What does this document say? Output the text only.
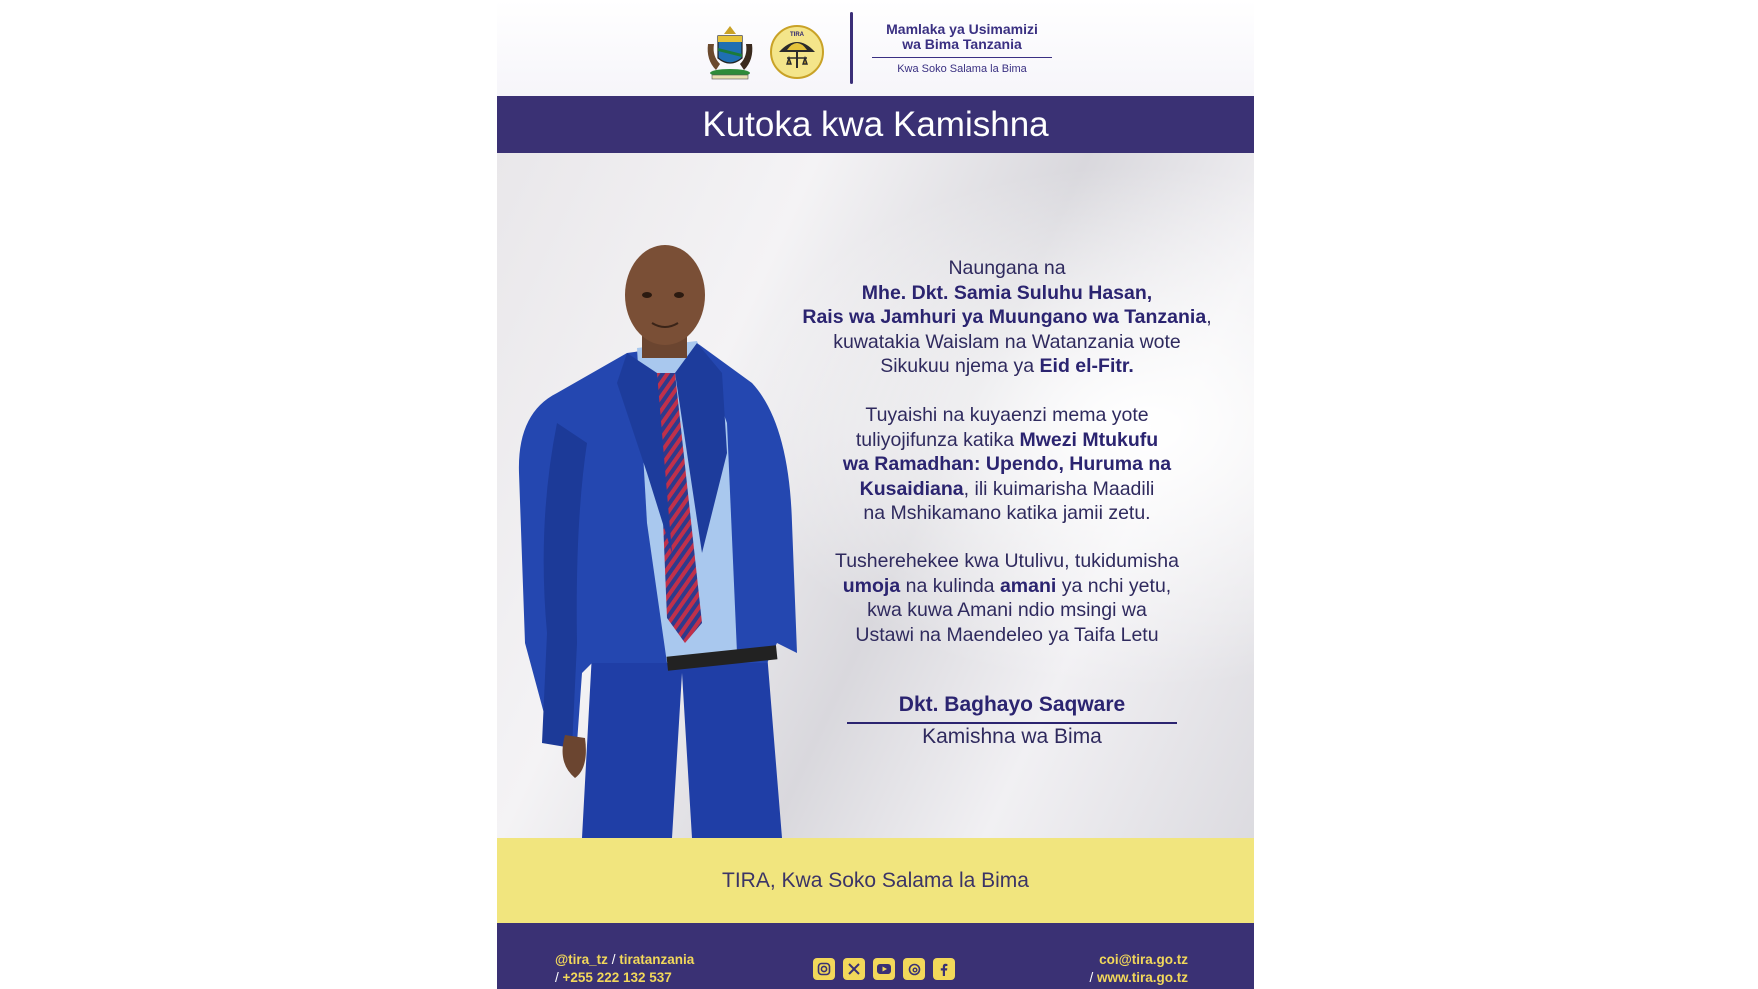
TIRA	Mamlaka ya Usimamizi
wa Bima Tanzania
Kwa Soko Salama la Bima
Kutoka kwa Kamishna
Naungana na
Mhe. Dkt. Samia Suluhu Hasan,
Rais wa Jamhuri ya Muungano wa Tanzania,
kuwatakia Waislam na Watanzania wote
Sikukuu njema ya Eid el-Fitr.
Tuyaishi na kuyaenzi mema yote
tuliyojifunza katika Mwezi Mtukufu
wa Ramadhan: Upendo, Huruma na
Kusaidiana, ili kuimarisha Maadili
na Mshikamano katika jamii zetu.
Tusherehekee kwa Utulivu, tukidumisha
umoja na kulinda amani ya nchi yetu,
kwa kuwa Amani ndio msingi wa
Ustawi na Maendeleo ya Taifa Letu
Dkt. Baghayo Saqware
Kamishna wa Bima
TIRA, Kwa Soko Salama la Bima
@tira_tz / tiratanzania
/ +255 222 132 537
coi@tira.go.tz
/ www.tira.go.tz
